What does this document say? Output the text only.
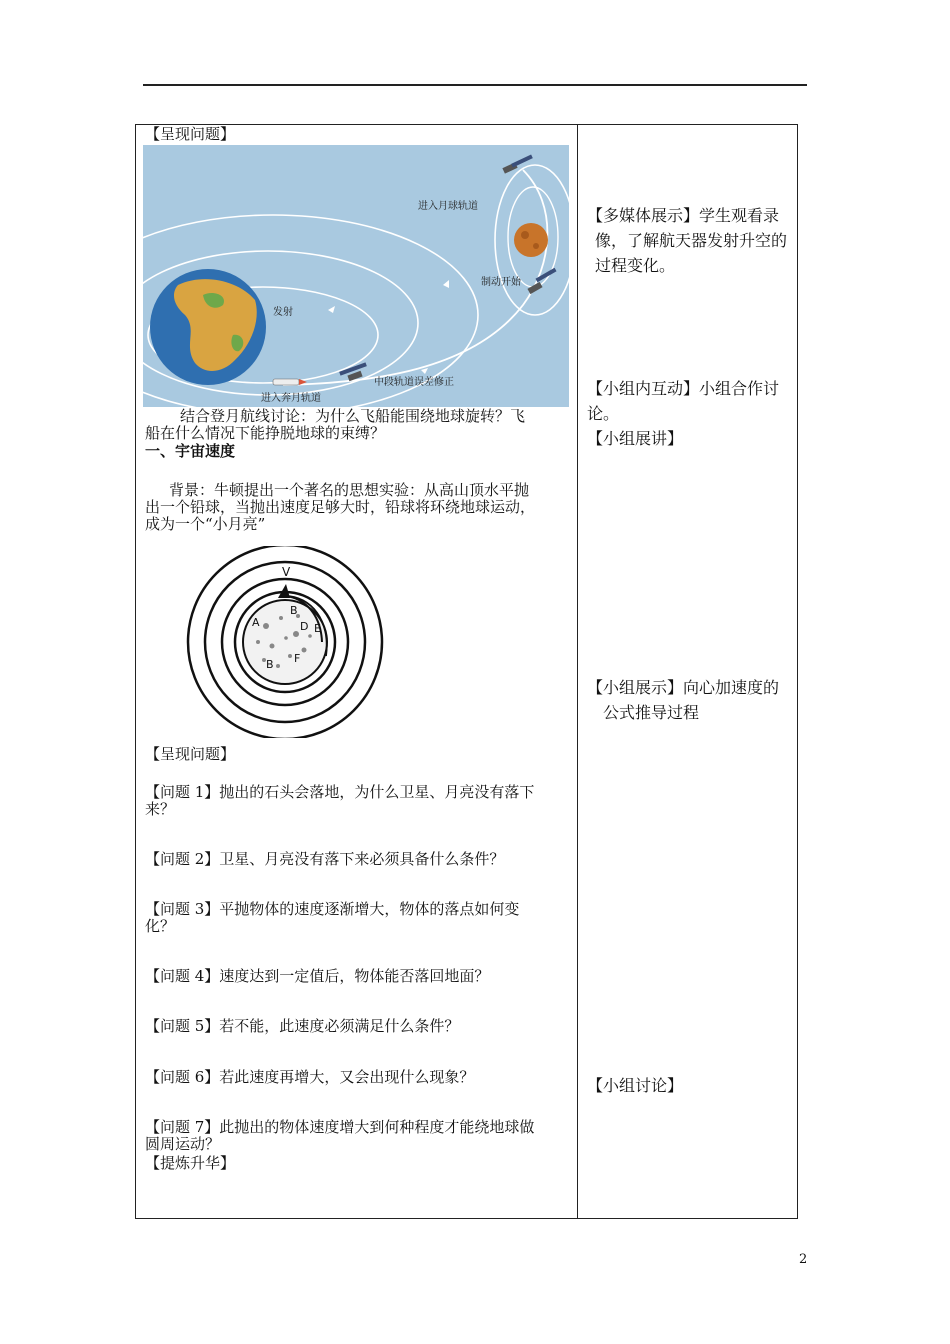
【呈现问题】
进入月球轨道
制动开始
发射
中段轨道误差修正
进入奔月轨道
结合登月航线讨论：为什么飞船能围绕地球旋转？飞
船在什么情况下能挣脱地球的束缚？
一、宇宙速度
背景：牛顿提出一个著名的思想实验：从高山顶水平抛
出一个铅球，当抛出速度足够大时，铅球将环绕地球运动，
成为一个“小月亮”
V
A
B
D E
F
B
【呈现问题】
【问题 1】抛出的石头会落地，为什么卫星、月亮没有落下
来？
【问题 2】卫星、月亮没有落下来必须具备什么条件？
【问题 3】平抛物体的速度逐渐增大，物体的落点如何变
化？
【问题 4】速度达到一定值后，物体能否落回地面？
【问题 5】若不能，此速度必须满足什么条件？
【问题 6】若此速度再增大，又会出现什么现象？
【问题 7】此抛出的物体速度增大到何种程度才能绕地球做
圆周运动？
【提炼升华】
【多媒体展示】学生观看录
像，了解航天器发射升空的
过程变化。
【小组内互动】小组合作讨
论。
【小组展讲】
【小组展示】向心加速度的
公式推导过程
【小组讨论】
2
